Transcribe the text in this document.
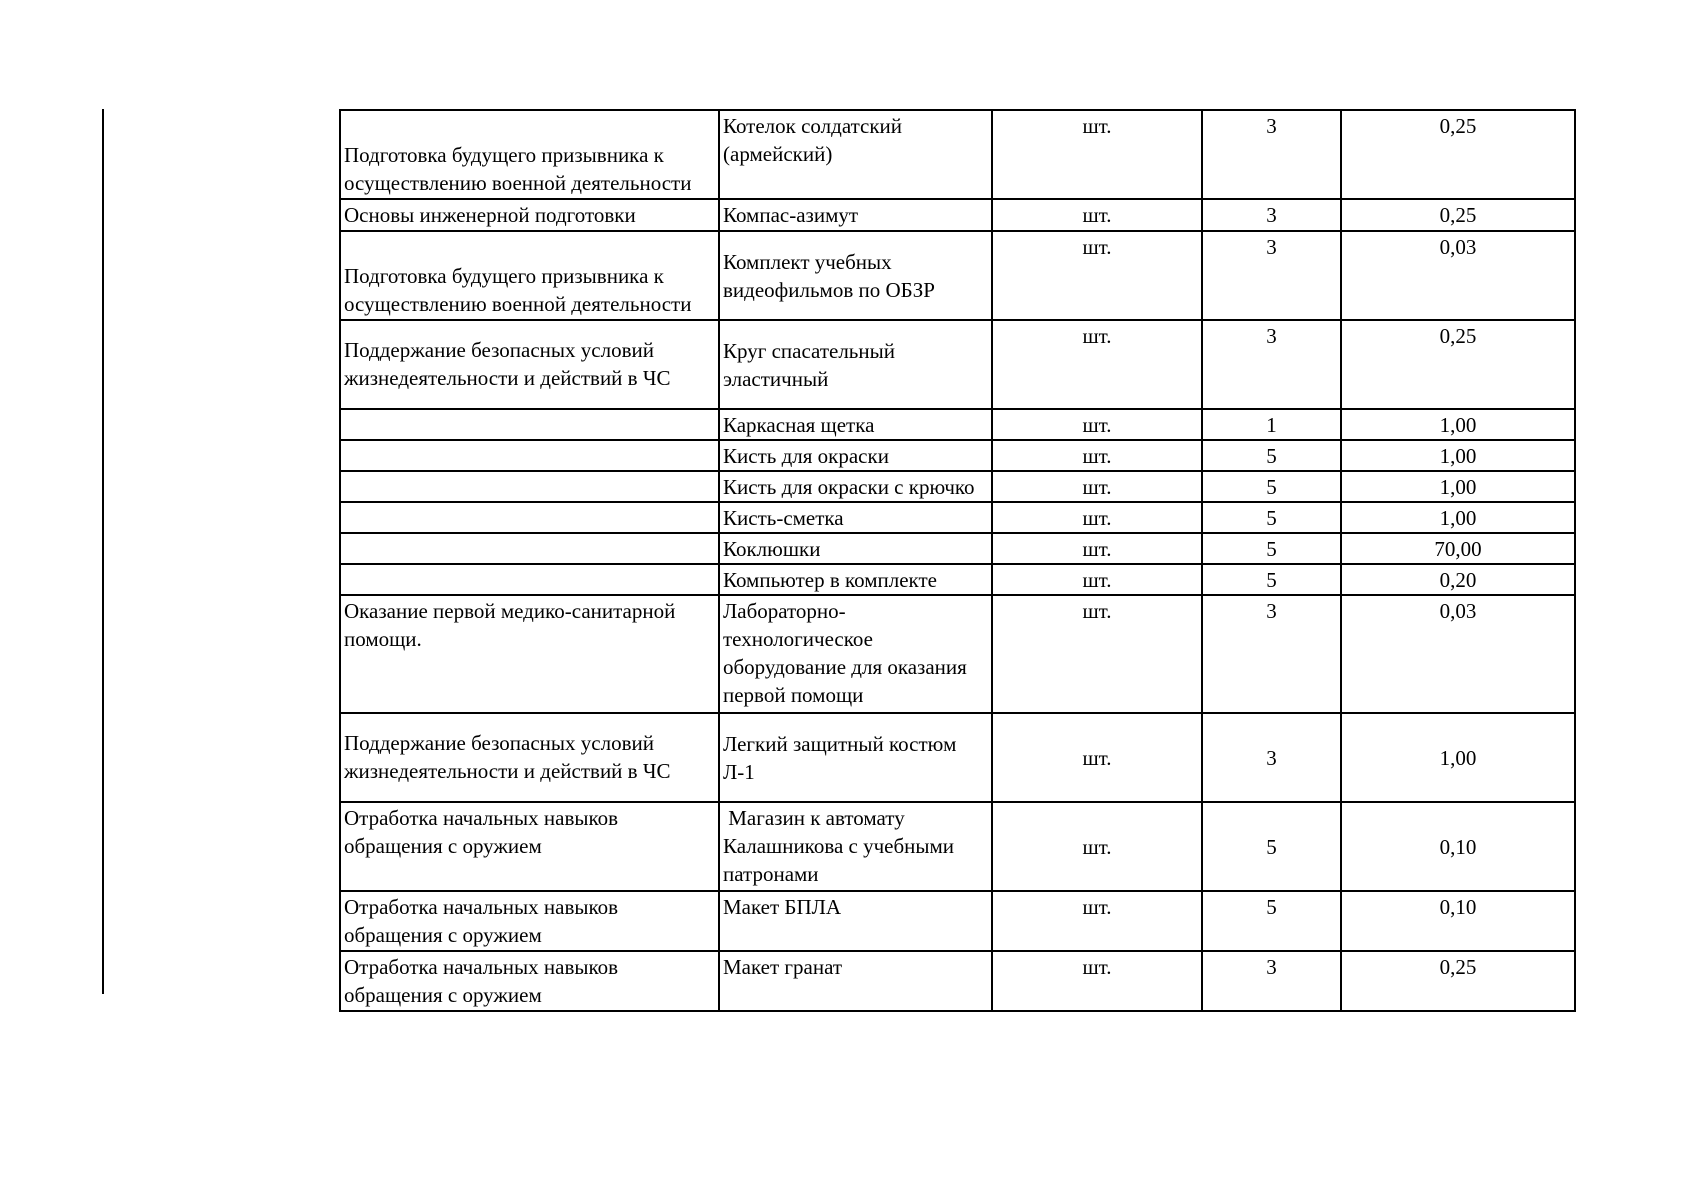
Подготовка будущего призывника к осуществлению военной деятельности	Котелок солдатский (армейский)	шт.	3	0,25
Основы инженерной подготовки	Компас-азимут	шт.	3	0,25
Подготовка будущего призывника к осуществлению военной деятельности	Комплект учебных видеофильмов по ОБЗР	шт.	3	0,03
Поддержание безопасных условий жизнедеятельности и действий в ЧС	Круг спасательный эластичный	шт.	3	0,25
	Каркасная щетка	шт.	1	1,00
	Кисть для окраски	шт.	5	1,00
	Кисть для окраски с крючко	шт.	5	1,00
	Кисть-сметка	шт.	5	1,00
	Коклюшки	шт.	5	70,00
	Компьютер в комплекте	шт.	5	0,20
Оказание первой медико-санитарной помощи.	Лабораторно-технологическое оборудование для оказания первой помощи	шт.	3	0,03
Поддержание безопасных условий жизнедеятельности и действий в ЧС	Легкий защитный костюм Л-1	шт.	3	1,00
Отработка начальных навыков обращения с оружием	Магазин к автомату Калашникова с учебными патронами	шт.	5	0,10
Отработка начальных навыков обращения с оружием	Макет БПЛА	шт.	5	0,10
Отработка начальных навыков обращения с оружием	Макет гранат	шт.	3	0,25
